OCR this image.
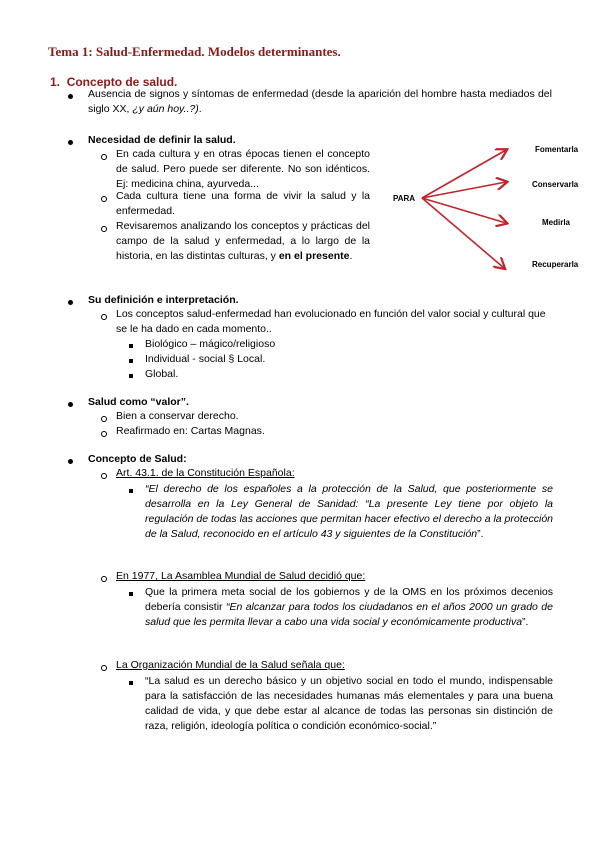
Tema 1: Salud-Enfermedad. Modelos determinantes.
1. Concepto de salud.
Ausencia de signos y síntomas de enfermedad (desde la aparición del hombre hasta mediados del siglo XX, ¿y aún hoy..?).
Necesidad de definir la salud.
En cada cultura y en otras épocas tienen el concepto de salud. Pero puede ser diferente. No son idénticos. Ej: medicina china, ayurveda...
Cada cultura tiene una forma de vivir la salud y la enfermedad.
Revisaremos analizando los conceptos y prácticas del campo de la salud y enfermedad, a lo largo de la historia, en las distintas culturas, y en el presente.
PARA
Fomentarla
Conservarla
Medirla
Recuperarla
Su definición e interpretación.
Los conceptos salud-enfermedad han evolucionado en función del valor social y cultural que se le ha dado en cada momento..
Biológico – mágico/religioso
Individual - social § Local.
Global.
Salud como “valor”.
Bien a conservar derecho.
Reafirmado en: Cartas Magnas.
Concepto de Salud:
Art. 43.1. de la Constitución Española:
“El derecho de los españoles a la protección de la Salud, que posteriormente se desarrolla en la Ley General de Sanidad: “La presente Ley tiene por objeto la regulación de todas las acciones que permitan hacer efectivo el derecho a la protección de la Salud, reconocido en el artículo 43 y siguientes de la Constitución”.
En 1977, La Asamblea Mundial de Salud decidió que:
Que la primera meta social de los gobiernos y de la OMS en los próximos decenios debería consistir “En alcanzar para todos los ciudadanos en el años 2000 un grado de salud que les permita llevar a cabo una vida social y económicamente productiva”.
La Organización Mundial de la Salud señala que:
“La salud es un derecho básico y un objetivo social en todo el mundo, indispensable para la satisfacción de las necesidades humanas más elementales y para una buena calidad de vida, y que debe estar al alcance de todas las personas sin distinción de raza, religión, ideología política o condición económico-social.”
